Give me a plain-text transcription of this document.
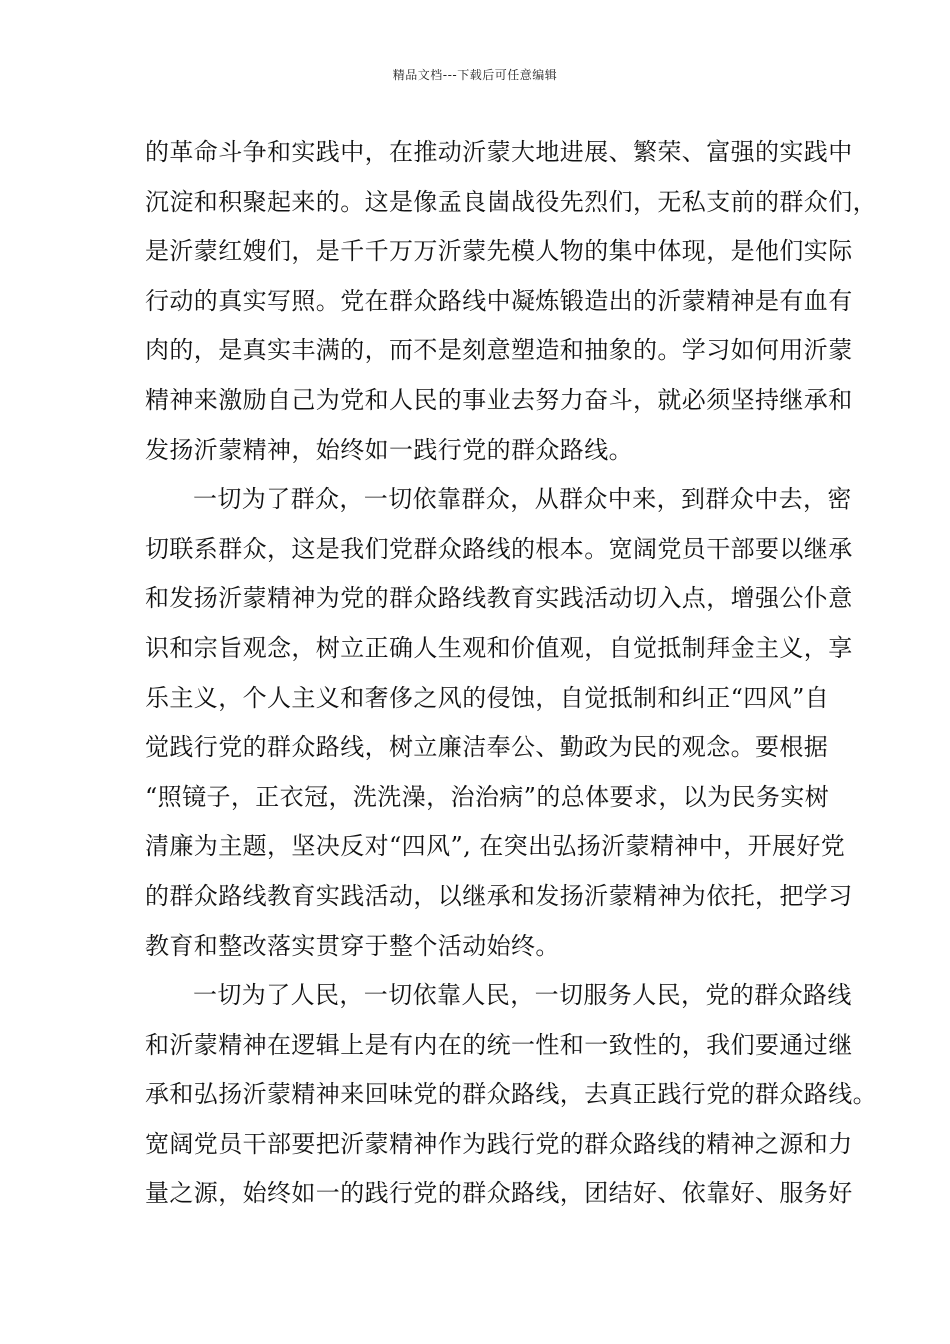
精品文档---下载后可任意编辑
的革命斗争和实践中，在推动沂蒙大地进展、繁荣、富强的实践中
沉淀和积聚起来的。这是像孟良崮战役先烈们，无私支前的群众们，
是沂蒙红嫂们，是千千万万沂蒙先模人物的集中体现，是他们实际
行动的真实写照。党在群众路线中凝炼锻造出的沂蒙精神是有血有
肉的，是真实丰满的，而不是刻意塑造和抽象的。学习如何用沂蒙
精神来激励自己为党和人民的事业去努力奋斗，就必须坚持继承和
发扬沂蒙精神，始终如一践行党的群众路线。
一切为了群众，一切依靠群众，从群众中来，到群众中去，密
切联系群众，这是我们党群众路线的根本。宽阔党员干部要以继承
和发扬沂蒙精神为党的群众路线教育实践活动切入点，增强公仆意
识和宗旨观念，树立正确人生观和价值观，自觉抵制拜金主义，享
乐主义，个人主义和奢侈之风的侵蚀，自觉抵制和纠正“四风”自
觉践行党的群众路线，树立廉洁奉公、勤政为民的观念。要根据
“照镜子，正衣冠，洗洗澡，治治病”的总体要求，以为民务实树
清廉为主题，坚决反对“四风”, 在突出弘扬沂蒙精神中，开展好党
的群众路线教育实践活动，以继承和发扬沂蒙精神为依托，把学习
教育和整改落实贯穿于整个活动始终。
一切为了人民，一切依靠人民，一切服务人民，党的群众路线
和沂蒙精神在逻辑上是有内在的统一性和一致性的，我们要通过继
承和弘扬沂蒙精神来回味党的群众路线，去真正践行党的群众路线。
宽阔党员干部要把沂蒙精神作为践行党的群众路线的精神之源和力
量之源，始终如一的践行党的群众路线，团结好、依靠好、服务好
